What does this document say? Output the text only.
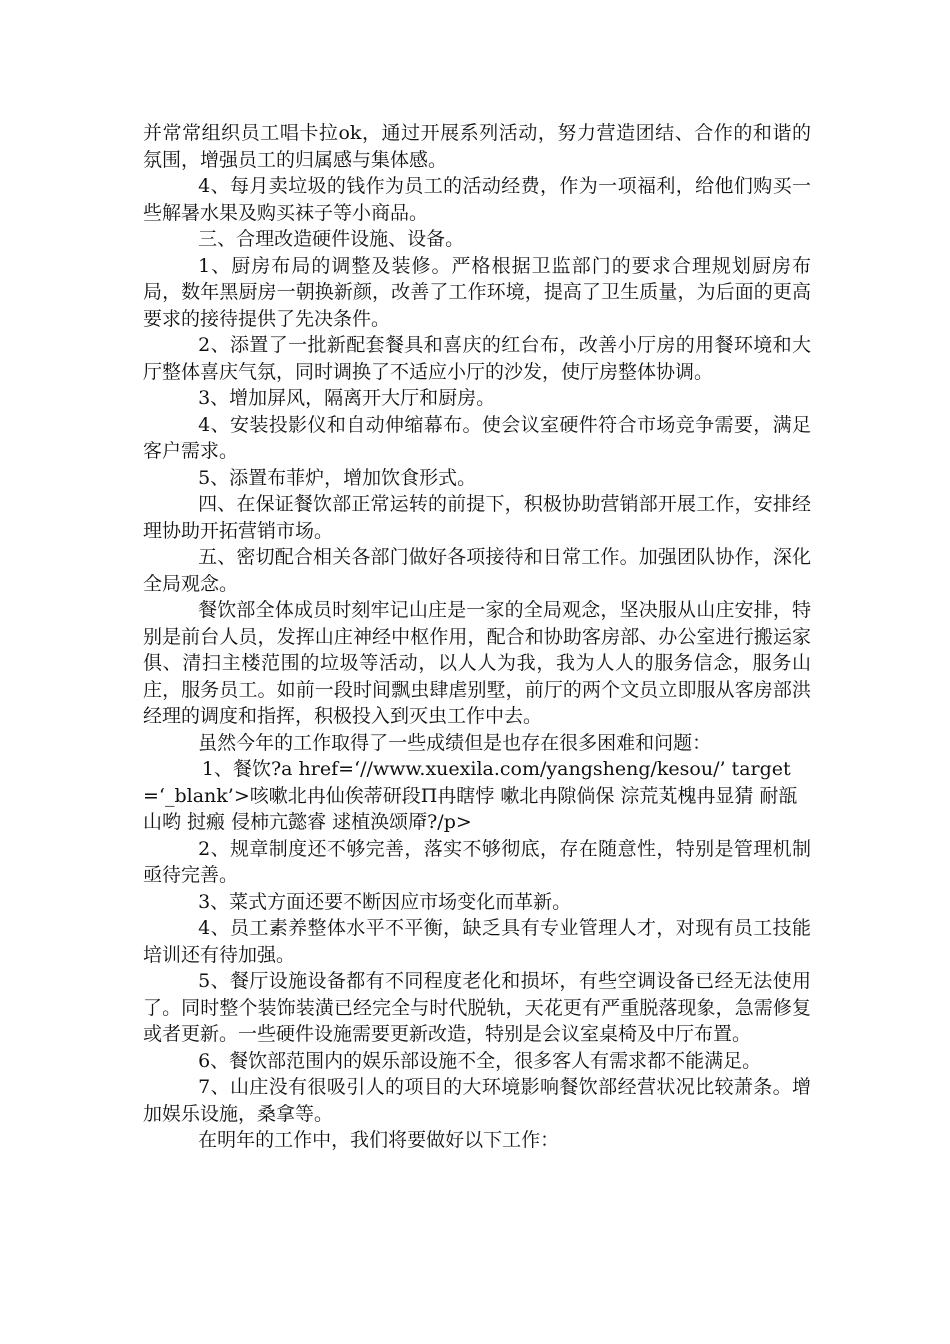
并常常组织员工唱卡拉ok，通过开展系列活动，努力营造团结、合作的和谐的氛围，增强员工的归属感与集体感。

4、每月卖垃圾的钱作为员工的活动经费，作为一项福利，给他们购买一些解暑水果及购买袜子等小商品。

三、合理改造硬件设施、设备。

1、厨房布局的调整及装修。严格根据卫监部门的要求合理规划厨房布局，数年黑厨房一朝换新颜，改善了工作环境，提高了卫生质量，为后面的更高要求的接待提供了先决条件。

2、添置了一批新配套餐具和喜庆的红台布，改善小厅房的用餐环境和大厅整体喜庆气氛，同时调换了不适应小厅的沙发，使厅房整体协调。

3、增加屏风，隔离开大厅和厨房。

4、安装投影仪和自动伸缩幕布。使会议室硬件符合市场竞争需要，满足客户需求。

5、添置布菲炉，增加饮食形式。

四、在保证餐饮部正常运转的前提下，积极协助营销部开展工作，安排经理协助开拓营销市场。

五、密切配合相关各部门做好各项接待和日常工作。加强团队协作，深化全局观念。

餐饮部全体成员时刻牢记山庄是一家的全局观念，坚决服从山庄安排，特别是前台人员，发挥山庄神经中枢作用，配合和协助客房部、办公室进行搬运家俱、清扫主楼范围的垃圾等活动，以人人为我，我为人人的服务信念，服务山庄，服务员工。如前一段时间飘虫肆虐别墅，前厅的两个文员立即服从客房部洪经理的调度和指挥，积极投入到灭虫工作中去。

虽然今年的工作取得了一些成绩但是也存在很多困难和问题：

1、餐饮?a href=‘//www.xuexila.com/yangsheng/kesou/’ target=‘_blank’>咳嗽北冉仙俟蒂研段Π冉瞎悖 嗽北冉隙倘保 淙荒芄槐冉显猜 耐瓿山哟 挝瘢 侵柿亢懿睿 逑植涣颂厣?/p>

2、规章制度还不够完善，落实不够彻底，存在随意性，特别是管理机制亟待完善。

3、菜式方面还要不断因应市场变化而革新。

4、员工素养整体水平不平衡，缺乏具有专业管理人才，对现有员工技能培训还有待加强。

5、餐厅设施设备都有不同程度老化和损坏，有些空调设备已经无法使用了。同时整个装饰装潢已经完全与时代脱轨，天花更有严重脱落现象，急需修复或者更新。一些硬件设施需要更新改造，特别是会议室桌椅及中厅布置。

6、餐饮部范围内的娱乐部设施不全，很多客人有需求都不能满足。

7、山庄没有很吸引人的项目的大环境影响餐饮部经营状况比较萧条。增加娱乐设施，桑拿等。

在明年的工作中，我们将要做好以下工作：
